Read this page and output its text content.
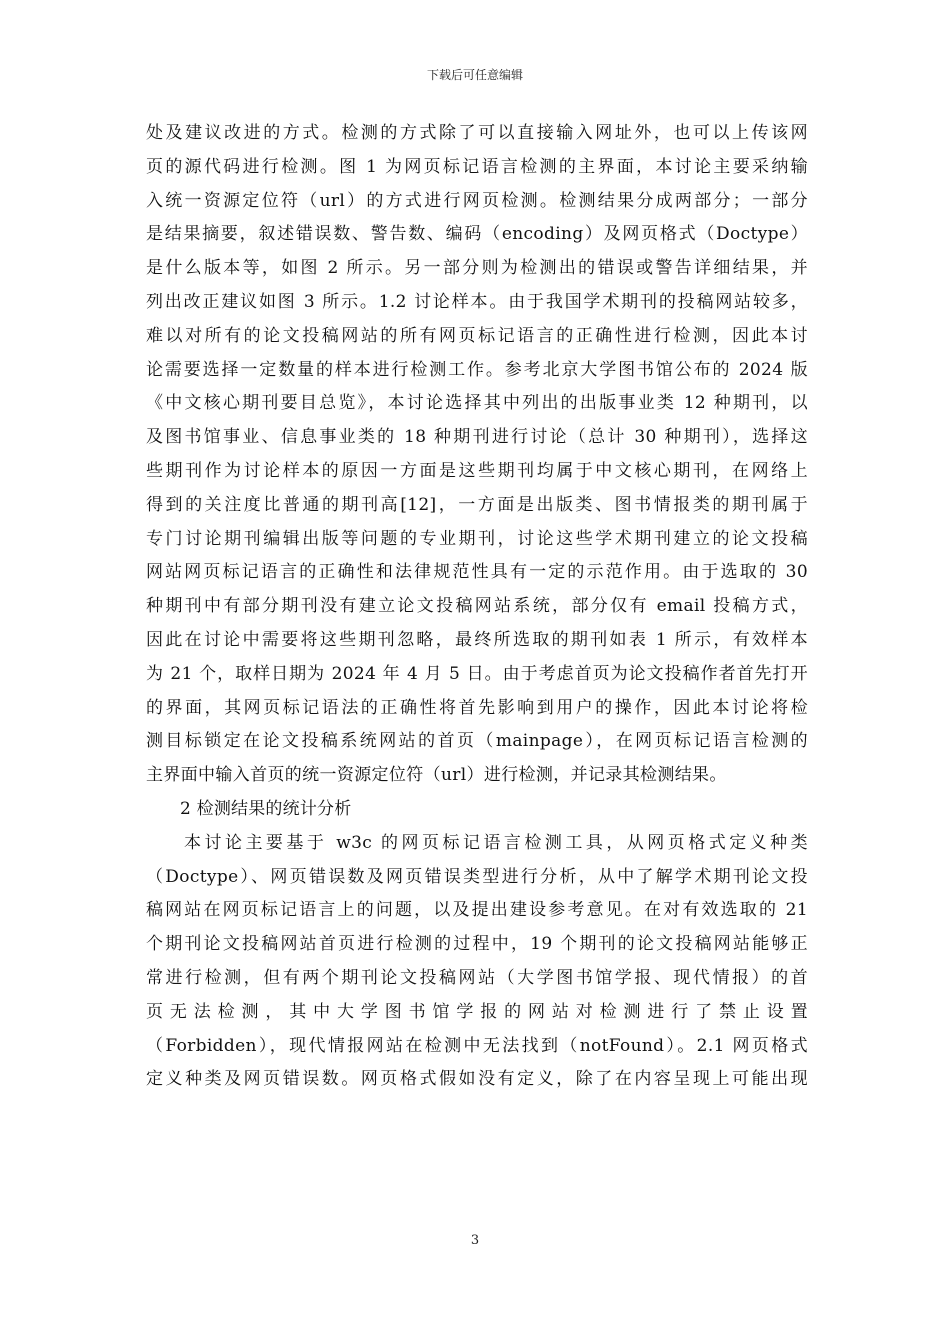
下载后可任意编辑
处及建议改进的方式。检测的方式除了可以直接输入网址外，也可以上传该网
页的源代码进行检测。图 1 为网页标记语言检测的主界面，本讨论主要采纳输
入统一资源定位符（url）的方式进行网页检测。检测结果分成两部分；一部分
是结果摘要，叙述错误数、警告数、编码（encoding）及网页格式（Doctype）
是什么版本等，如图 2 所示。另一部分则为检测出的错误或警告详细结果，并
列出改正建议如图 3 所示。1.2 讨论样本。由于我国学术期刊的投稿网站较多，
难以对所有的论文投稿网站的所有网页标记语言的正确性进行检测，因此本讨
论需要选择一定数量的样本进行检测工作。参考北京大学图书馆公布的 2024 版
《中文核心期刊要目总览》，本讨论选择其中列出的出版事业类 12 种期刊，以
及图书馆事业、信息事业类的 18 种期刊进行讨论（总计 30 种期刊），选择这
些期刊作为讨论样本的原因一方面是这些期刊均属于中文核心期刊，在网络上
得到的关注度比普通的期刊高[12]，一方面是出版类、图书情报类的期刊属于
专门讨论期刊编辑出版等问题的专业期刊，讨论这些学术期刊建立的论文投稿
网站网页标记语言的正确性和法律规范性具有一定的示范作用。由于选取的 30
种期刊中有部分期刊没有建立论文投稿网站系统，部分仅有 email 投稿方式，
因此在讨论中需要将这些期刊忽略，最终所选取的期刊如表 1 所示，有效样本
为 21 个，取样日期为 2024 年 4 月 5 日。由于考虑首页为论文投稿作者首先打开
的界面，其网页标记语法的正确性将首先影响到用户的操作，因此本讨论将检
测目标锁定在论文投稿系统网站的首页（mainpage），在网页标记语言检测的
主界面中输入首页的统一资源定位符（url）进行检测，并记录其检测结果。
2 检测结果的统计分析
本讨论主要基于 w3c 的网页标记语言检测工具，从网页格式定义种类
（Doctype）、网页错误数及网页错误类型进行分析，从中了解学术期刊论文投
稿网站在网页标记语言上的问题，以及提出建设参考意见。在对有效选取的 21
个期刊论文投稿网站首页进行检测的过程中，19 个期刊的论文投稿网站能够正
常进行检测，但有两个期刊论文投稿网站（大学图书馆学报、现代情报）的首
页无法检测，其中大学图书馆学报的网站对检测进行了禁止设置
（Forbidden），现代情报网站在检测中无法找到（notFound）。2.1 网页格式
定义种类及网页错误数。网页格式假如没有定义，除了在内容呈现上可能出现
3
